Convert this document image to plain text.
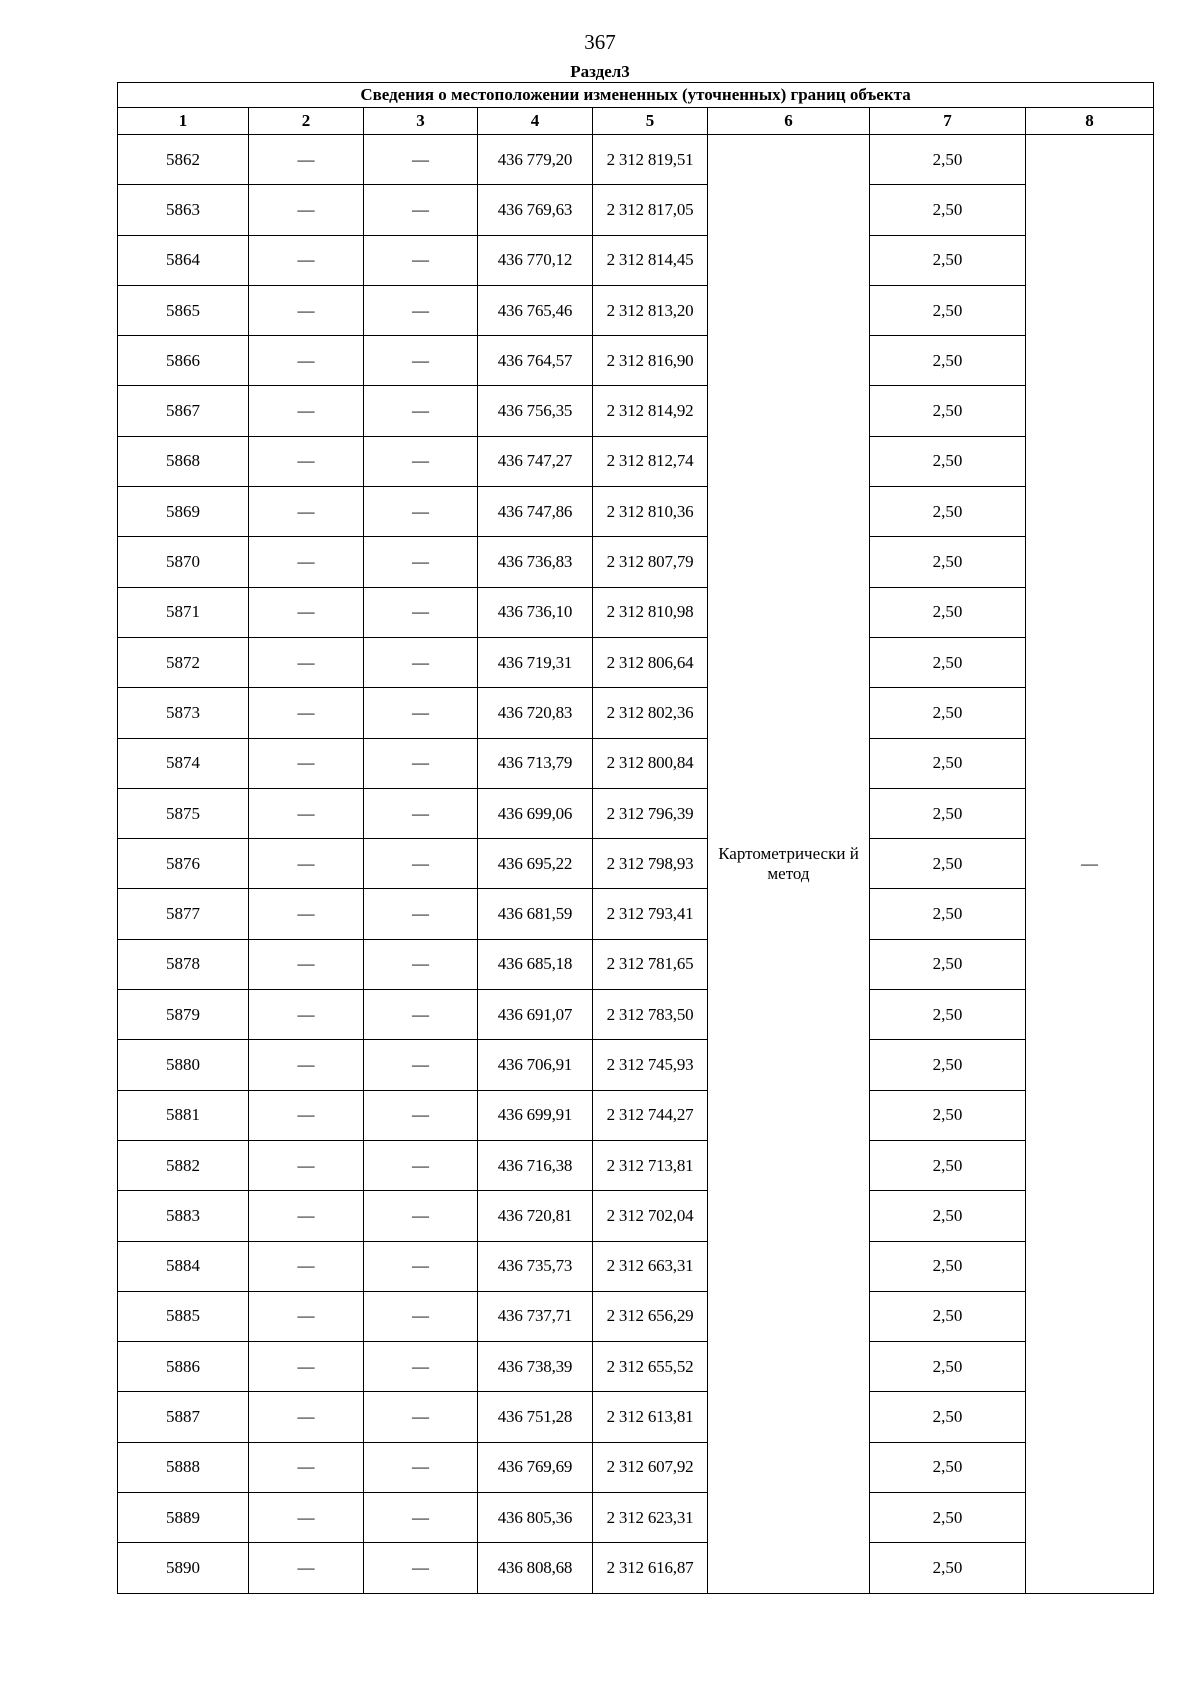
367
Раздел3
Сведения о местоположении измененных (уточненных) границ объекта							
1	2	3	4	5	6	7	8
5862	—	—	436 779,20	2 312 819,51	Картометрически й метод	2,50	—
5863	—	—	436 769,63	2 312 817,05		2,50	
5864	—	—	436 770,12	2 312 814,45		2,50	
5865	—	—	436 765,46	2 312 813,20		2,50	
5866	—	—	436 764,57	2 312 816,90		2,50	
5867	—	—	436 756,35	2 312 814,92		2,50	
5868	—	—	436 747,27	2 312 812,74		2,50	
5869	—	—	436 747,86	2 312 810,36		2,50	
5870	—	—	436 736,83	2 312 807,79		2,50	
5871	—	—	436 736,10	2 312 810,98		2,50	
5872	—	—	436 719,31	2 312 806,64		2,50	
5873	—	—	436 720,83	2 312 802,36		2,50	
5874	—	—	436 713,79	2 312 800,84		2,50	
5875	—	—	436 699,06	2 312 796,39		2,50	
5876	—	—	436 695,22	2 312 798,93		2,50	
5877	—	—	436 681,59	2 312 793,41		2,50	
5878	—	—	436 685,18	2 312 781,65		2,50	
5879	—	—	436 691,07	2 312 783,50		2,50	
5880	—	—	436 706,91	2 312 745,93		2,50	
5881	—	—	436 699,91	2 312 744,27		2,50	
5882	—	—	436 716,38	2 312 713,81		2,50	
5883	—	—	436 720,81	2 312 702,04		2,50	
5884	—	—	436 735,73	2 312 663,31		2,50	
5885	—	—	436 737,71	2 312 656,29		2,50	
5886	—	—	436 738,39	2 312 655,52		2,50	
5887	—	—	436 751,28	2 312 613,81		2,50	
5888	—	—	436 769,69	2 312 607,92		2,50	
5889	—	—	436 805,36	2 312 623,31		2,50	
5890	—	—	436 808,68	2 312 616,87		2,50	
